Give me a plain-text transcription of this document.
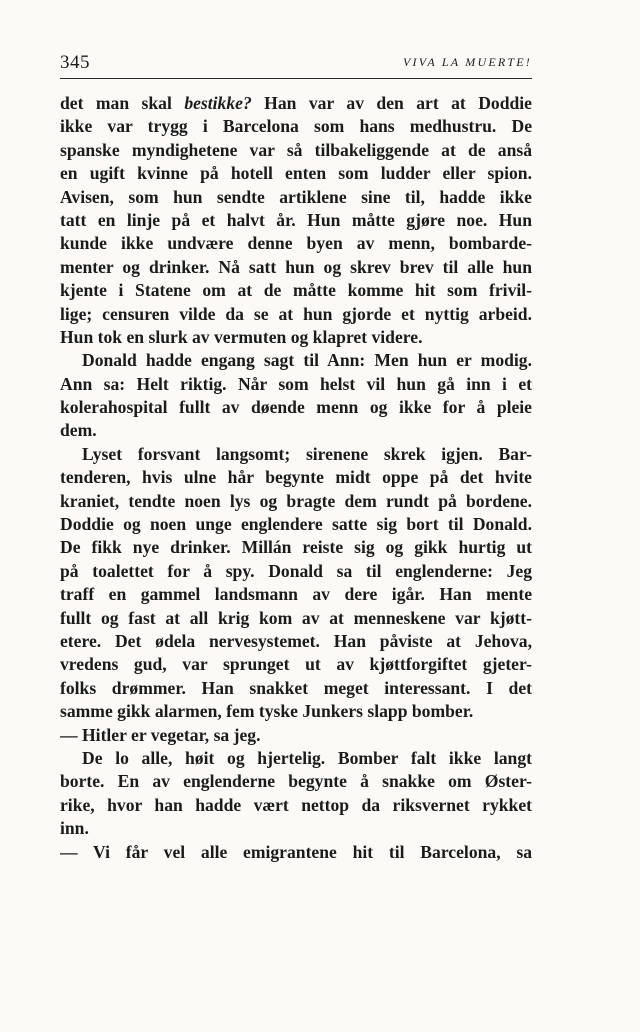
345	VIVA LA MUERTE!
det man skal bestikke? Han var av den art at Doddie
ikke var trygg i Barcelona som hans medhustru. De
spanske myndighetene var så tilbakeliggende at de anså
en ugift kvinne på hotell enten som ludder eller spion.
Avisen, som hun sendte artiklene sine til, hadde ikke
tatt en linje på et halvt år. Hun måtte gjøre noe. Hun
kunde ikke undvære denne byen av menn, bombarde-
menter og drinker. Nå satt hun og skrev brev til alle hun
kjente i Statene om at de måtte komme hit som frivil-
lige; censuren vilde da se at hun gjorde et nyttig arbeid.
Hun tok en slurk av vermuten og klapret videre.
Donald hadde engang sagt til Ann: Men hun er modig.
Ann sa: Helt riktig. Når som helst vil hun gå inn i et
kolerahospital fullt av døende menn og ikke for å pleie
dem.
Lyset forsvant langsomt; sirenene skrek igjen. Bar-
tenderen, hvis ulne hår begynte midt oppe på det hvite
kraniet, tendte noen lys og bragte dem rundt på bordene.
Doddie og noen unge englendere satte sig bort til Donald.
De fikk nye drinker. Millán reiste sig og gikk hurtig ut
på toalettet for å spy. Donald sa til englenderne: Jeg
traff en gammel landsmann av dere igår. Han mente
fullt og fast at all krig kom av at menneskene var kjøtt-
etere. Det ødela nervesystemet. Han påviste at Jehova,
vredens gud, var sprunget ut av kjøttforgiftet gjeter-
folks drømmer. Han snakket meget interessant. I det
samme gikk alarmen, fem tyske Junkers slapp bomber.
— Hitler er vegetar, sa jeg.
De lo alle, høit og hjertelig. Bomber falt ikke langt
borte. En av englenderne begynte å snakke om Øster-
rike, hvor han hadde vært nettop da riksvernet rykket
inn.
— Vi får vel alle emigrantene hit til Barcelona, sa
